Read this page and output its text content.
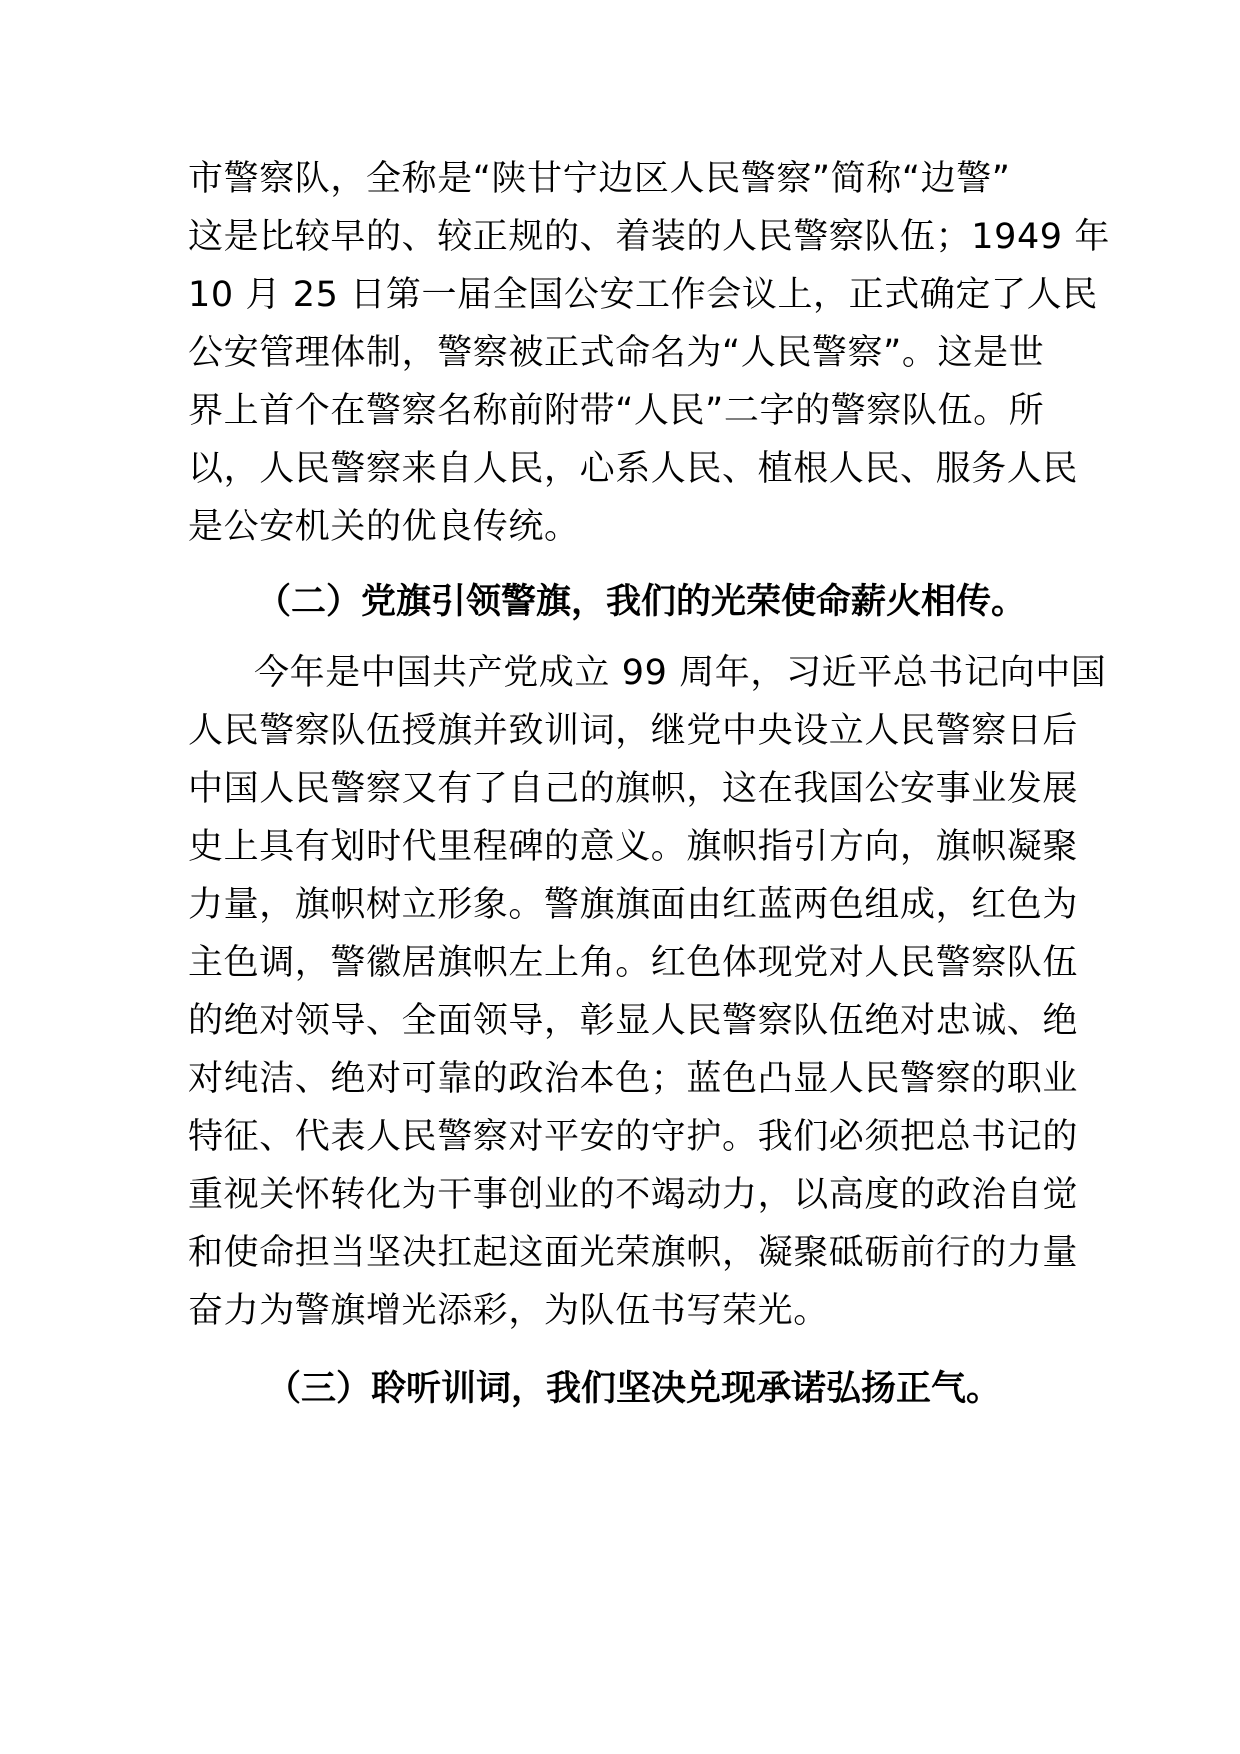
市警察队，全称是“陕甘宁边区人民警察”简称“边警”
这是比较早的、较正规的、着装的人民警察队伍；1949 年
10 月 25 日第一届全国公安工作会议上，正式确定了人民
公安管理体制，警察被正式命名为“人民警察”。这是世
界上首个在警察名称前附带“人民”二字的警察队伍。所
以，人民警察来自人民，心系人民、植根人民、服务人民
是公安机关的优良传统。
（二）党旗引领警旗，我们的光荣使命薪火相传。
今年是中国共产党成立 99 周年，习近平总书记向中国
人民警察队伍授旗并致训词，继党中央设立人民警察日后
中国人民警察又有了自己的旗帜，这在我国公安事业发展
史上具有划时代里程碑的意义。旗帜指引方向，旗帜凝聚
力量，旗帜树立形象。警旗旗面由红蓝两色组成，红色为
主色调，警徽居旗帜左上角。红色体现党对人民警察队伍
的绝对领导、全面领导，彰显人民警察队伍绝对忠诚、绝
对纯洁、绝对可靠的政治本色；蓝色凸显人民警察的职业
特征、代表人民警察对平安的守护。我们必须把总书记的
重视关怀转化为干事创业的不竭动力，以高度的政治自觉
和使命担当坚决扛起这面光荣旗帜，凝聚砥砺前行的力量
奋力为警旗增光添彩，为队伍书写荣光。
（三）聆听训词，我们坚决兑现承诺弘扬正气。
